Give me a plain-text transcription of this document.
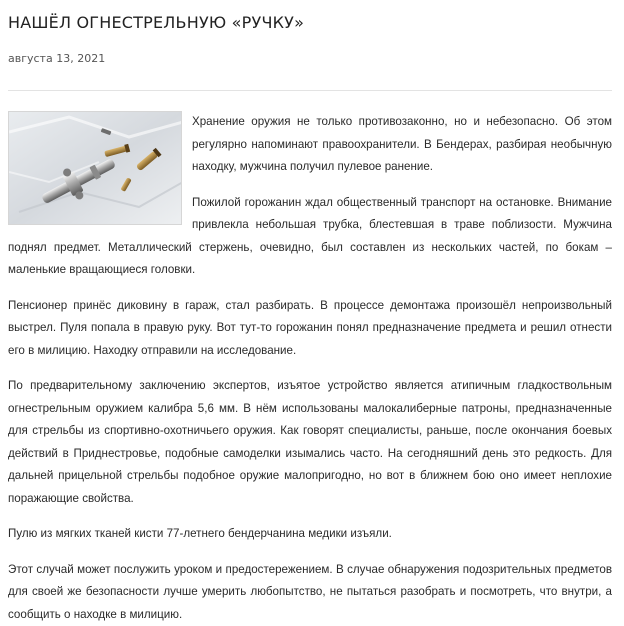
НАШЁЛ ОГНЕСТРЕЛЬНУЮ «РУЧКУ»
августа 13, 2021

Хранение оружия не только противозаконно, но и небезопасно. Об этом регулярно напоминают правоохранители. В Бендерах, разбирая необычную находку, мужчина получил пулевое ранение.

Пожилой горожанин ждал общественный транспорт на остановке. Внимание привлекла небольшая трубка, блестевшая в траве поблизости. Мужчина поднял предмет. Металлический стержень, очевидно, был составлен из нескольких частей, по бокам – маленькие вращающиеся головки.

Пенсионер принёс диковину в гараж, стал разбирать. В процессе демонтажа произошёл непроизвольный выстрел. Пуля попала в правую руку. Вот тут-то горожанин понял предназначение предмета и решил отнести его в милицию. Находку отправили на исследование.

По предварительному заключению экспертов, изъятое устройство является атипичным гладкоствольным огнестрельным оружием калибра 5,6 мм. В нём использованы малокалиберные патроны, предназначенные для стрельбы из спортивно-охотничьего оружия. Как говорят специалисты, раньше, после окончания боевых действий в Приднестровье, подобные самоделки изымались часто. На сегодняшний день это редкость. Для дальней прицельной стрельбы подобное оружие малопригодно, но вот в ближнем бою оно имеет неплохие поражающие свойства.

Пулю из мягких тканей кисти 77-летнего бендерчанина медики изъяли.

Этот случай может послужить уроком и предостережением. В случае обнаружения подозрительных предметов для своей же безопасности лучше умерить любопытство, не пытаться разобрать и посмотреть, что внутри, а сообщить о находке в милицию.
